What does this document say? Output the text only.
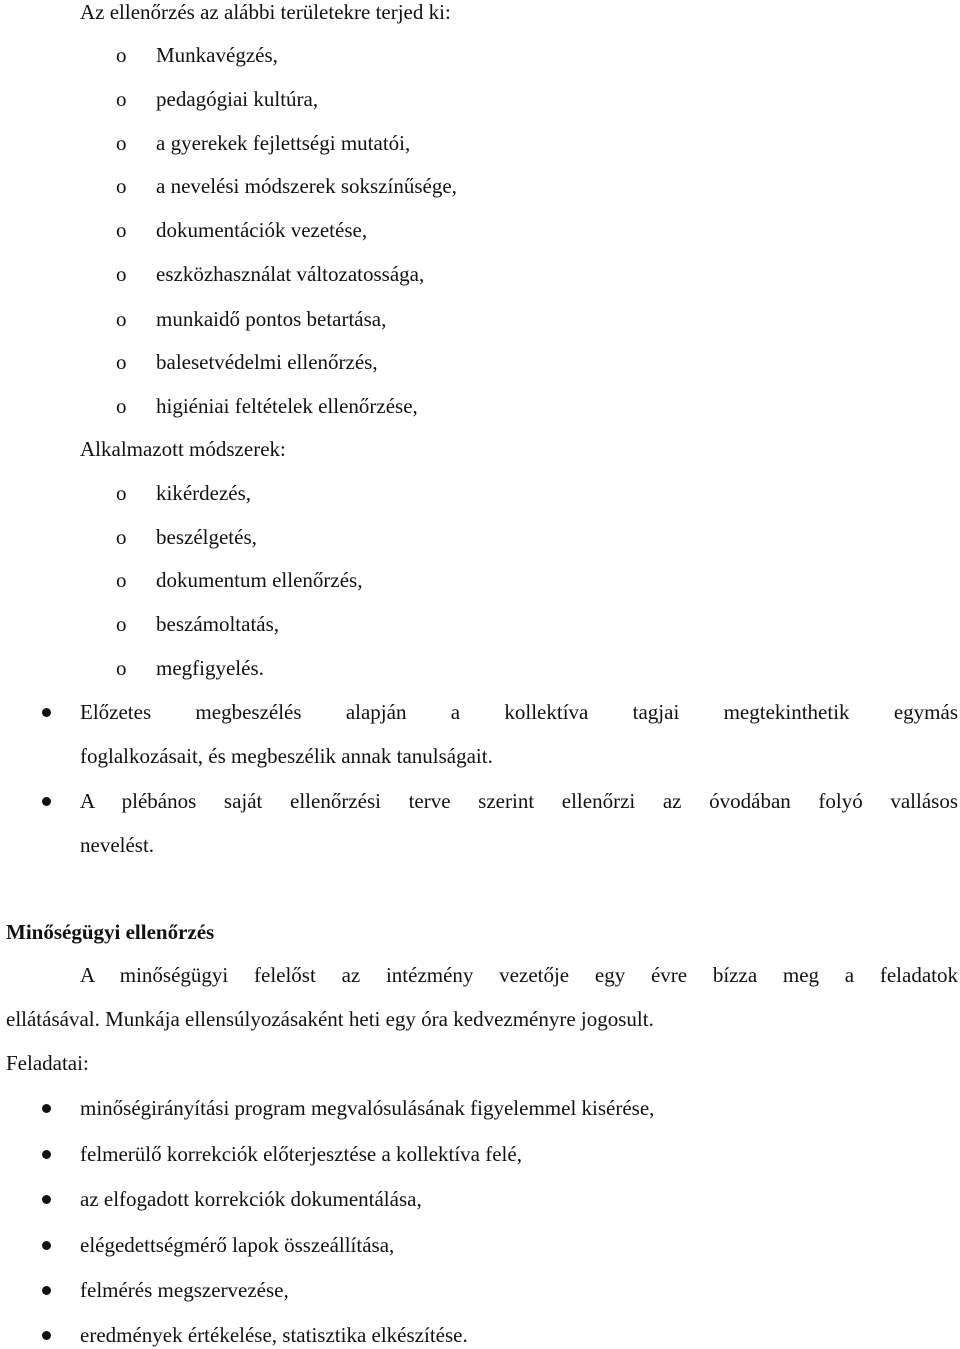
Az ellenőrzés az alábbi területekre terjed ki:
o Munkavégzés,
o pedagógiai kultúra,
o a gyerekek fejlettségi mutatói,
o a nevelési módszerek sokszínűsége,
o dokumentációk vezetése,
o eszközhasználat változatossága,
o munkaidő pontos betartása,
o balesetvédelmi ellenőrzés,
o higiéniai feltételek ellenőrzése,
Alkalmazott módszerek:
o kikérdezés,
o beszélgetés,
o dokumentum ellenőrzés,
o beszámoltatás,
o megfigyelés.
Előzetes megbeszélés alapján a kollektíva tagjai megtekinthetik egymás
foglalkozásait, és megbeszélik annak tanulságait.
A plébános saját ellenőrzési terve szerint ellenőrzi az óvodában folyó vallásos
nevelést.
Minőségügyi ellenőrzés
A minőségügyi felelőst az intézmény vezetője egy évre bízza meg a feladatok
ellátásával. Munkája ellensúlyozásaként heti egy óra kedvezményre jogosult.
Feladatai:
minőségirányítási program megvalósulásának figyelemmel kisérése,
felmerülő korrekciók előterjesztése a kollektíva felé,
az elfogadott korrekciók dokumentálása,
elégedettségmérő lapok összeállítása,
felmérés megszervezése,
eredmények értékelése, statisztika elkészítése.
